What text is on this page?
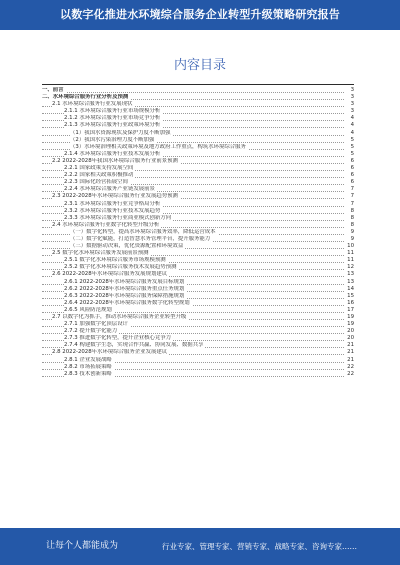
以数字化推进水环境综合服务企业转型升级策略研究报告
内容目录
一、前言	3
二、水环境综合服务行业分析及预测	3
2.1 水环境综合服务行业发展现状	3
2.1.1 水环境综合服务行业市场规模分析	3
2.1.2 水环境综合服务行业市场竞争分析	4
2.1.3 水环境综合服务行业政策环境分析	4
（1）我国水资源现状及保护力度不断加强	4
（2）我国水污染治理力度不断加强	5
（3）水环境治理相关政策环境及地方政府工作重点，构筑水环境综合服务	5
2.1.4 水环境综合服务行业技术发展分析	5
2.2 2022-2028年我国水环境综合服务行业前景预测	6
2.2.1 国家政策支持发展空间	6
2.2.2 国家相关政策积极推动	6
2.2.3 国际化经营拓展空间	6
2.2.4 水环境综合服务产业链发展前景	7
2.3 2022-2028年水环境综合服务行业发展趋势预测	7
2.3.1 水环境综合服务行业竞争格局分析	7
2.3.2 水环境综合服务行业技术发展趋势	8
2.3.3 水环境综合服务行业商业模式创新方向	8
2.4 水环境综合服务行业数字化转型升级分析	8
（一）数字化转型，提高水环境综合服务效率，降低运营成本	9
（二）数字化赋能，打造智慧水务管理平台，提升服务能力	9
（三）数据驱动决策，优化资源配置和环境效益	10
2.5 数字化水环境综合服务发展前景预测	11
2.5.1 数字化水环境综合服务市场规模预测	11
2.5.2 数字化水环境综合服务技术发展趋势预测	12
2.6 2022-2028年水环境综合服务发展规划建议	13
2.6.1 2022-2028年水环境综合服务发展目标规划	13
2.6.2 2022-2028年水环境综合服务重点任务规划	14
2.6.3 2022-2028年水环境综合服务保障措施规划	15
2.6.4 2022-2028年水环境综合服务数字化转型规划	16
2.6.5 风险防范规划	17
2.7 以数字化为抓手，推动水环境综合服务企业转型升级	19
2.7.1 加强数字化顶层设计	19
2.7.2 提升数字化能力	20
2.7.3 推进数字化转型，提升企业核心竞争力	20
2.7.4 构建数字生态，实现合作共赢、协同发展、数据共享	21
2.8 2022-2028年水环境综合服务企业发展建议	21
2.8.1 企业发展战略	21
2.8.2 市场拓展策略	22
2.8.3 技术创新策略	22
让每个人都能成为	行业专家、管理专家、营销专家、战略专家、咨询专家……
